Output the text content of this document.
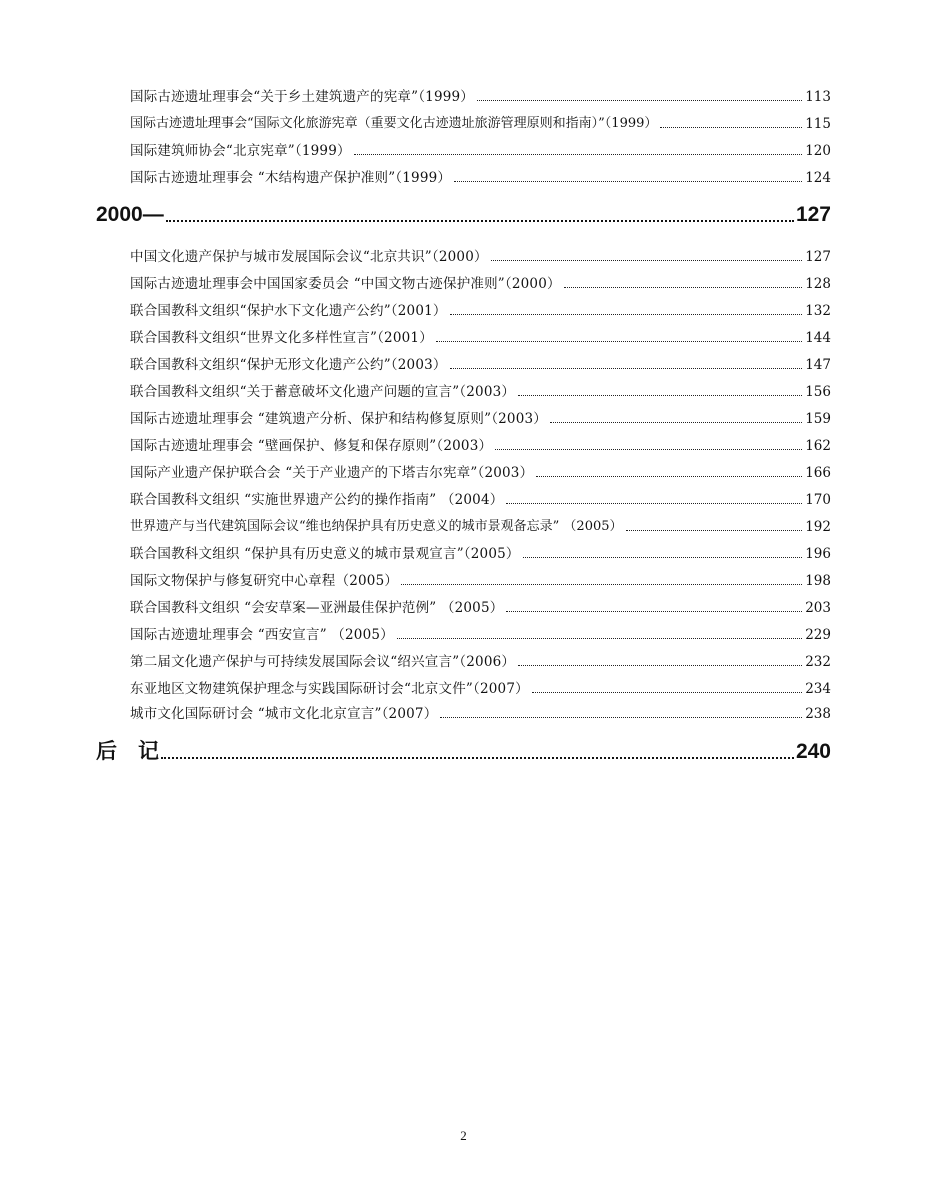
国际古迹遗址理事会“关于乡土建筑遗产的宪章”（1999）	113
国际古迹遗址理事会“国际文化旅游宪章（重要文化古迹遗址旅游管理原则和指南）”（1999）	115
国际建筑师协会“北京宪章”（1999）	120
国际古迹遗址理事会 “木结构遗产保护准则”（1999）	124
2000—	127
中国文化遗产保护与城市发展国际会议“北京共识”（2000）	127
国际古迹遗址理事会中国国家委员会 “中国文物古迹保护准则”（2000）	128
联合国教科文组织“保护水下文化遗产公约”（2001）	132
联合国教科文组织“世界文化多样性宣言”（2001）	144
联合国教科文组织“保护无形文化遗产公约”（2003）	147
联合国教科文组织“关于蓄意破坏文化遗产问题的宣言”（2003）	156
国际古迹遗址理事会 “建筑遗产分析、保护和结构修复原则”（2003）	159
国际古迹遗址理事会 “壁画保护、修复和保存原则”（2003）	162
国际产业遗产保护联合会 “关于产业遗产的下塔吉尔宪章”（2003）	166
联合国教科文组织 “实施世界遗产公约的操作指南” （2004）	170
世界遗产与当代建筑国际会议“维也纳保护具有历史意义的城市景观备忘录” （2005）	192
联合国教科文组织 “保护具有历史意义的城市景观宣言”（2005）	196
国际文物保护与修复研究中心章程（2005）	198
联合国教科文组织 “会安草案—亚洲最佳保护范例” （2005）	203
国际古迹遗址理事会 “西安宣言” （2005）	229
第二届文化遗产保护与可持续发展国际会议“绍兴宣言”（2006）	232
东亚地区文物建筑保护理念与实践国际研讨会“北京文件”（2007）	234
城市文化国际研讨会 “城市文化北京宣言”（2007）	238
后　记	240
2
